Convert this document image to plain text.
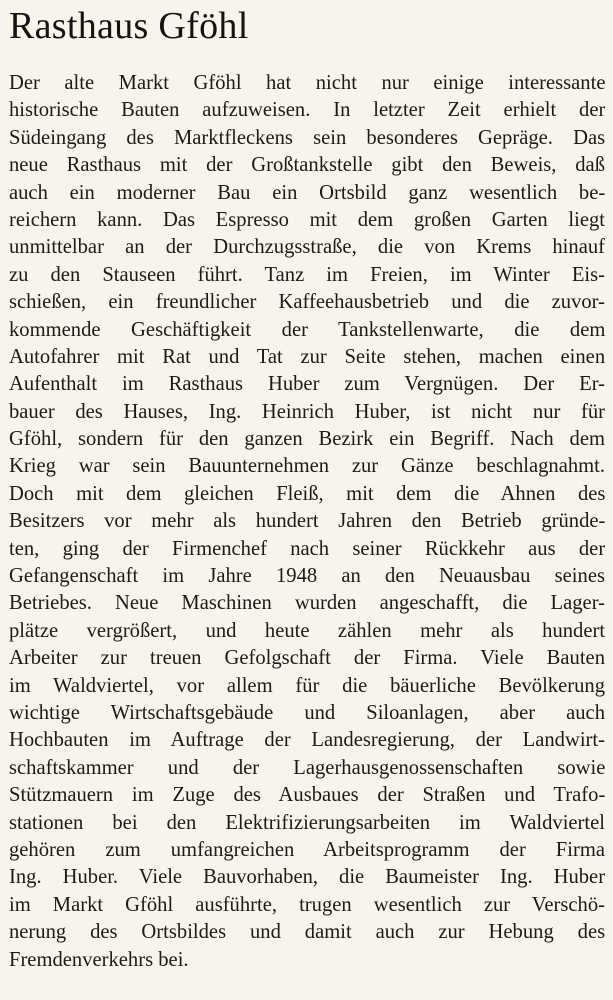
Rasthaus Gföhl
Der alte Markt Gföhl hat nicht nur einige interessante
historische Bauten aufzuweisen. In letzter Zeit erhielt der
Südeingang des Marktfleckens sein besonderes Gepräge. Das
neue Rasthaus mit der Großtankstelle gibt den Beweis, daß
auch ein moderner Bau ein Ortsbild ganz wesentlich be-
reichern kann. Das Espresso mit dem großen Garten liegt
unmittelbar an der Durchzugsstraße, die von Krems hinauf
zu den Stauseen führt. Tanz im Freien, im Winter Eis-
schießen, ein freundlicher Kaffeehausbetrieb und die zuvor-
kommende Geschäftigkeit der Tankstellenwarte, die dem
Autofahrer mit Rat und Tat zur Seite stehen, machen einen
Aufenthalt im Rasthaus Huber zum Vergnügen. Der Er-
bauer des Hauses, Ing. Heinrich Huber, ist nicht nur für
Gföhl, sondern für den ganzen Bezirk ein Begriff. Nach dem
Krieg war sein Bauunternehmen zur Gänze beschlagnahmt.
Doch mit dem gleichen Fleiß, mit dem die Ahnen des
Besitzers vor mehr als hundert Jahren den Betrieb gründe-
ten, ging der Firmenchef nach seiner Rückkehr aus der
Gefangenschaft im Jahre 1948 an den Neuausbau seines
Betriebes. Neue Maschinen wurden angeschafft, die Lager-
plätze vergrößert, und heute zählen mehr als hundert
Arbeiter zur treuen Gefolgschaft der Firma. Viele Bauten
im Waldviertel, vor allem für die bäuerliche Bevölkerung
wichtige Wirtschaftsgebäude und Siloanlagen, aber auch
Hochbauten im Auftrage der Landesregierung, der Landwirt-
schaftskammer und der Lagerhausgenossenschaften sowie
Stützmauern im Zuge des Ausbaues der Straßen und Trafo-
stationen bei den Elektrifizierungsarbeiten im Waldviertel
gehören zum umfangreichen Arbeitsprogramm der Firma
Ing. Huber. Viele Bauvorhaben, die Baumeister Ing. Huber
im Markt Gföhl ausführte, trugen wesentlich zur Verschö-
nerung des Ortsbildes und damit auch zur Hebung des
Fremdenverkehrs bei.
